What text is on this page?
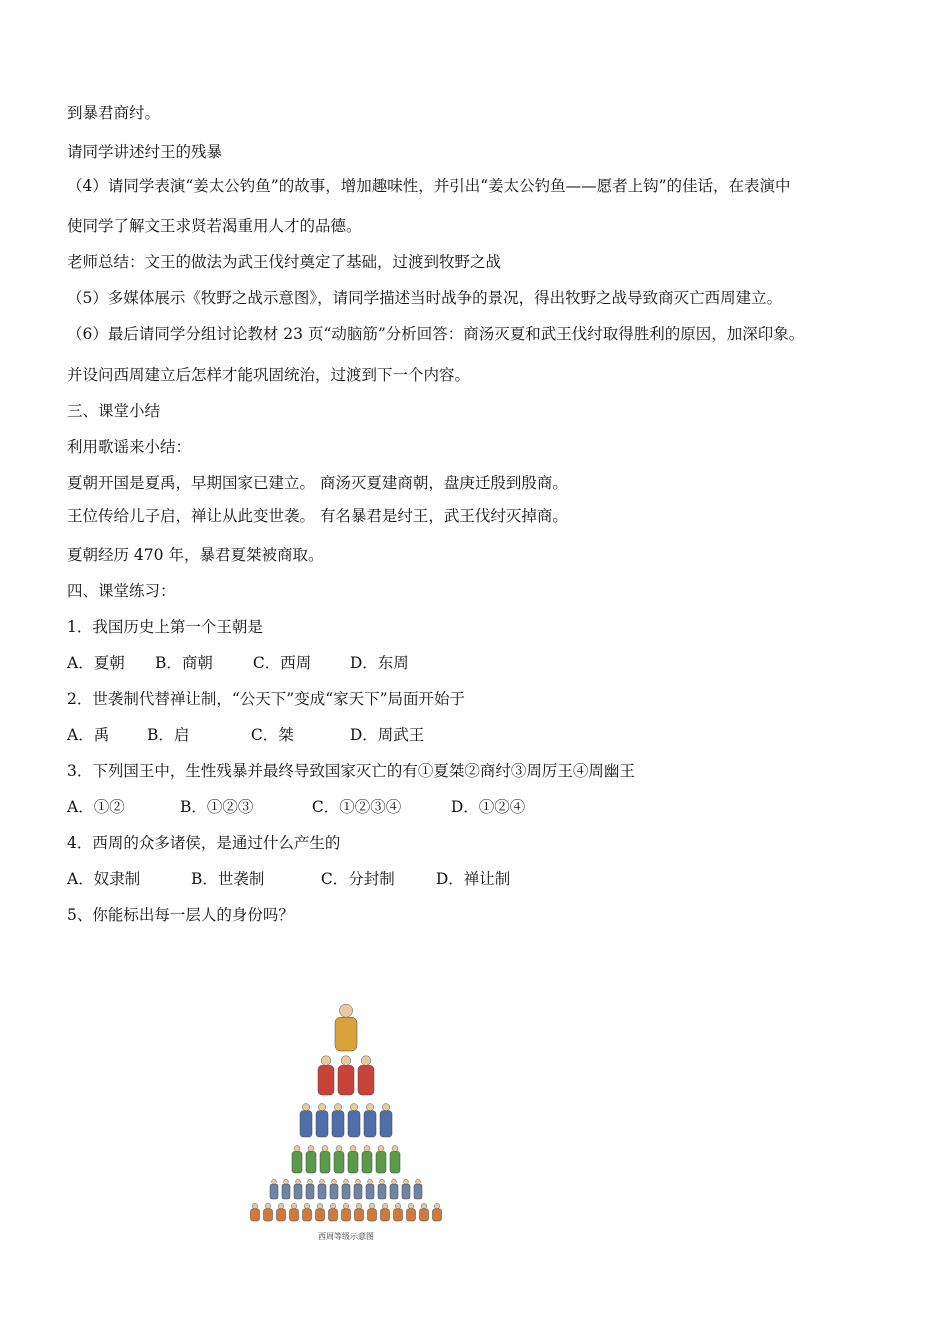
到暴君商纣。
请同学讲述纣王的残暴
（4）请同学表演“姜太公钓鱼”的故事，增加趣味性，并引出“姜太公钓鱼——愿者上钩”的佳话，在表演中
使同学了解文王求贤若渴重用人才的品德。
老师总结：文王的做法为武王伐纣奠定了基础，过渡到牧野之战
（5）多媒体展示《牧野之战示意图》，请同学描述当时战争的景况，得出牧野之战导致商灭亡西周建立。
（6）最后请同学分组讨论教材 23 页“动脑筋”分析回答：商汤灭夏和武王伐纣取得胜利的原因，加深印象。
并设问西周建立后怎样才能巩固统治，过渡到下一个内容。
三、课堂小结
利用歌谣来小结：
夏朝开国是夏禹，早期国家已建立。 商汤灭夏建商朝，盘庚迁殷到殷商。
王位传给儿子启，禅让从此变世袭。 有名暴君是纣王，武王伐纣灭掉商。
夏朝经历 470 年，暴君夏桀被商取。
四、课堂练习：
1．我国历史上第一个王朝是
A．夏朝 B．商朝	C．西周 D．东周
2．世袭制代替禅让制，“公天下”变成“家天下”局面开始于
A．禹 B．启	C．桀	D．周武王
3．下列国王中，生性残暴并最终导致国家灭亡的有①夏桀②商纣③周厉王④周幽王
A．①②	B．①②③	C．①②③④	D．①②④
4．西周的众多诸侯，是通过什么产生的
A．奴隶制	B．世袭制	C．分封制	D．禅让制
5、你能标出每一层人的身份吗？
西周等级示意图
